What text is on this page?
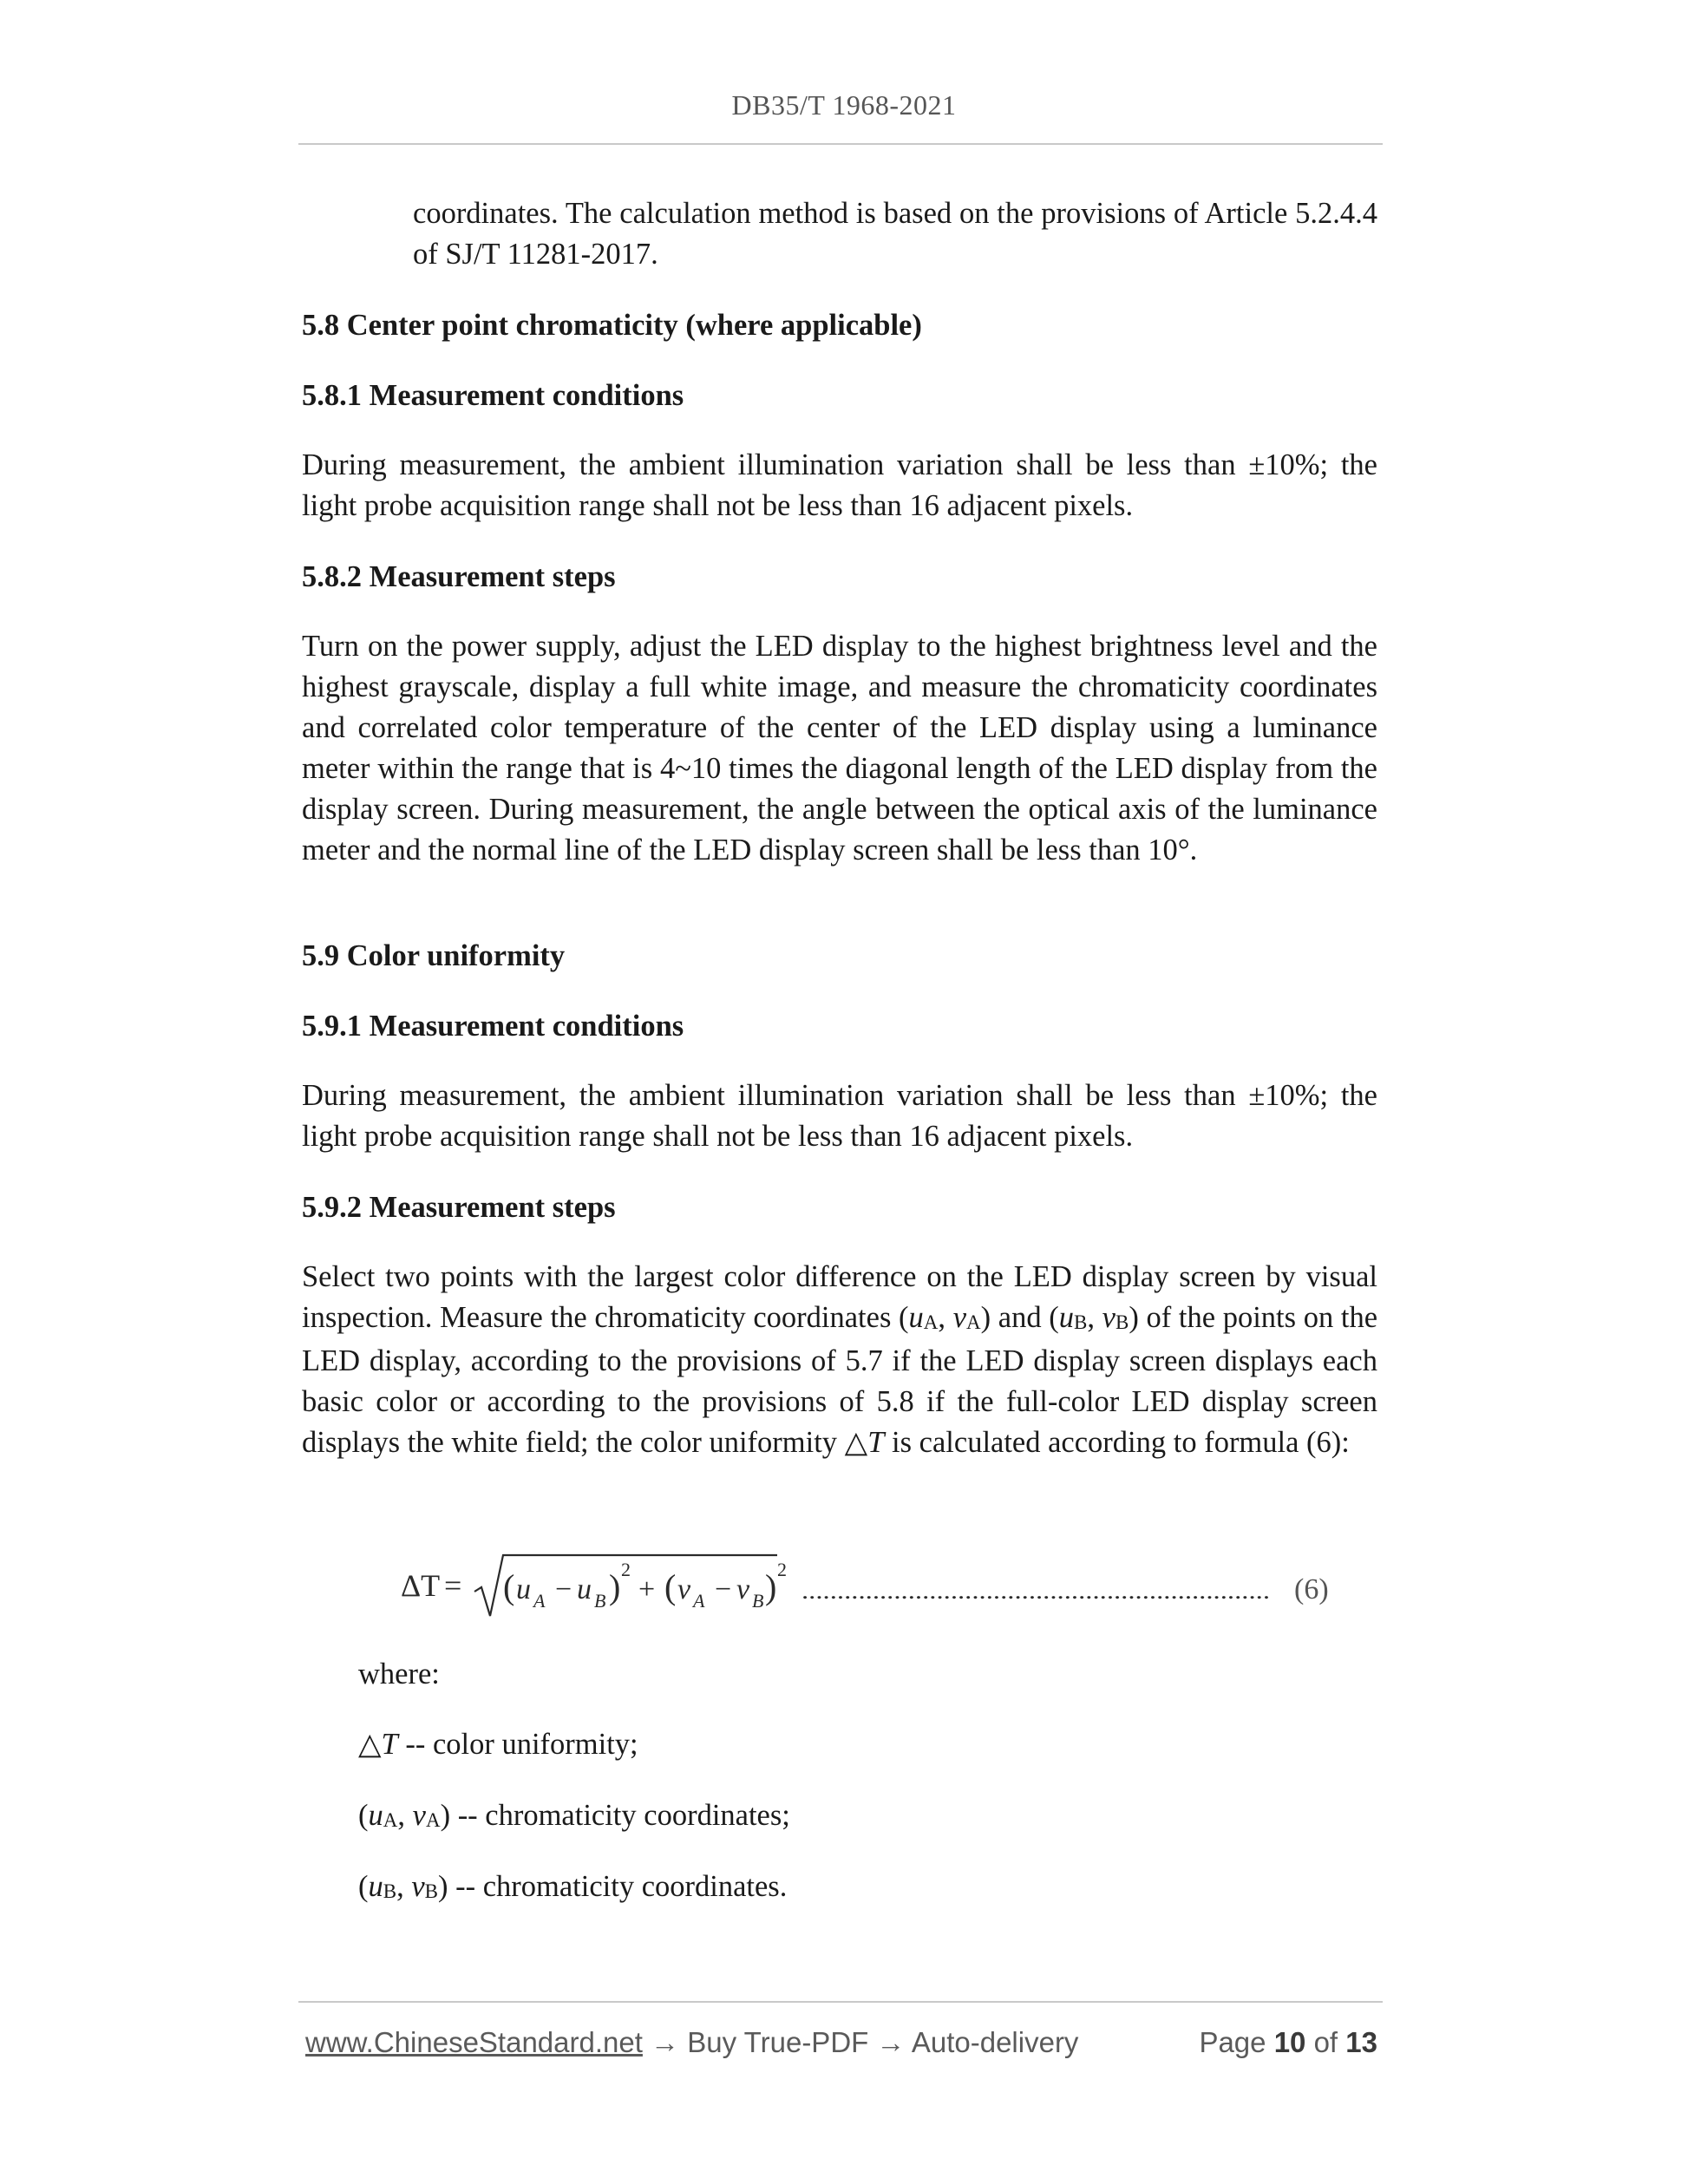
DB35/T 1968-2021

coordinates. The calculation method is based on the provisions of Article 5.2.4.4 of SJ/T 11281-2017.

5.8 Center point chromaticity (where applicable)
5.8.1 Measurement conditions

During measurement, the ambient illumination variation shall be less than ±10%; the light probe acquisition range shall not be less than 16 adjacent pixels.

5.8.2 Measurement steps

Turn on the power supply, adjust the LED display to the highest brightness level and the highest grayscale, display a full white image, and measure the chromaticity coordinates and correlated color temperature of the center of the LED display using a luminance meter within the range that is 4~10 times the diagonal length of the LED display from the display screen. During measurement, the angle between the optical axis of the luminance meter and the normal line of the LED display screen shall be less than 10°.

5.9 Color uniformity
5.9.1 Measurement conditions

During measurement, the ambient illumination variation shall be less than ±10%; the light probe acquisition range shall not be less than 16 adjacent pixels.

5.9.2 Measurement steps

Select two points with the largest color difference on the LED display screen by visual inspection. Measure the chromaticity coordinates ($u_A$, $v_A$) and ($u_B$, $v_B$) of the points on the LED display, according to the provisions of 5.7 if the LED display screen displays each basic color or according to the provisions of 5.8 if the full-color LED display screen displays the white field; the color uniformity △T is calculated according to formula (6):

ΔT = ( u A − u B ) 2
+ ( v A − v B ) 2
.................................................................. (6)
where:
△T -- color uniformity;
($u_A$, $v_A$) -- chromaticity coordinates;
($u_B$, $v_B$) -- chromaticity coordinates.
www.ChineseStandard.net → Buy True-PDF → Auto-delivery	Page 10 of 13
